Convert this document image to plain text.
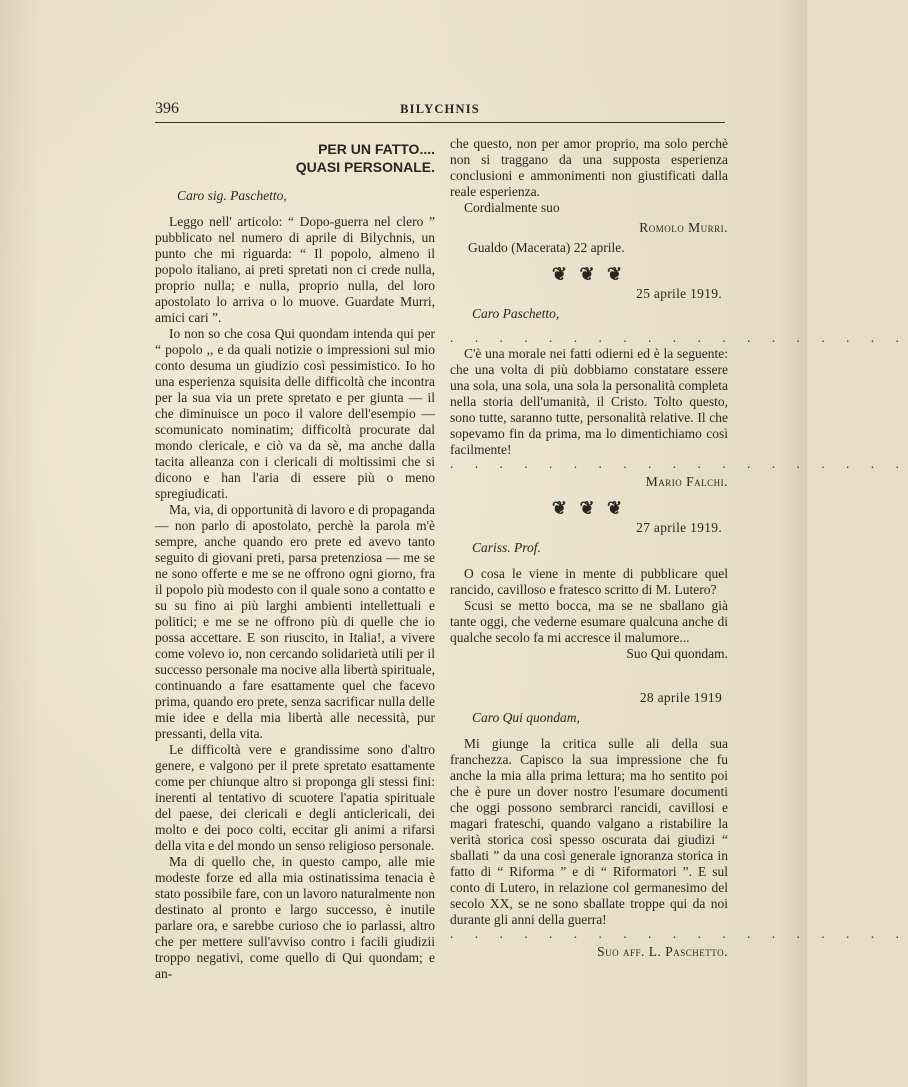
396	BILYCHNIS
PER UN FATTO....
QUASI PERSONALE.

Caro sig. Paschetto,

Leggo nell' articolo: “ Dopo-guerra nel clero ” pubblicato nel numero di aprile di Bilychnis, un punto che mi riguarda: “ Il popolo, almeno il popolo italiano, ai preti spretati non ci crede nulla, proprio nulla; e nulla, proprio nulla, del loro apostolato lo arriva o lo muove. Guardate Murri, amici cari ”.

Io non so che cosa Qui quondam intenda qui per “ popolo ,, e da quali notizie o impressioni sul mio conto desuma un giudizio così pessimistico. Io ho una esperienza squisita delle difficoltà che incontra per la sua via un prete spretato e per giunta — il che diminuisce un poco il valore dell'esempio — scomunicato nominatim; difficoltà procurate dal mondo clericale, e ciò va da sè, ma anche dalla tacita alleanza con i clericali di moltissimi che si dicono e han l'aria di essere più o meno spregiudicati.

Ma, via, di opportunità di lavoro e di propaganda — non parlo di apostolato, perchè la parola m'è sempre, anche quando ero prete ed avevo tanto seguito di giovani preti, parsa pretenziosa — me se ne sono offerte e me se ne offrono ogni giorno, fra il popolo più modesto con il quale sono a contatto e su su fino ai più larghi ambienti intellettuali e politici; e me se ne offrono più di quelle che io possa accettare. E son riuscito, in Italia!, a vivere come volevo io, non cercando solidarietà utili per il successo personale ma nocive alla libertà spirituale, continuando a fare esattamente quel che facevo prima, quando ero prete, senza sacrificar nulla delle mie idee e della mia libertà alle necessità, pur pressanti, della vita.

Le difficoltà vere e grandissime sono d'altro genere, e valgono per il prete spretato esattamente come per chiunque altro si proponga gli stessi fini: inerenti al tentativo di scuotere l'apatia spirituale del paese, dei clericali e degli anticlericali, dei molto e dei poco colti, eccitar gli animi a rifarsi della vita e del mondo un senso religioso personale.

Ma di quello che, in questo campo, alle mie modeste forze ed alla mia ostinatissima tenacia è stato possibile fare, con un lavoro naturalmente non destinato al pronto e largo successo, è inutile parlare ora, e sarebbe curioso che io parlassi, altro che per mettere sull'avviso contro i facili giudizii troppo negativi, come quello di Qui quondam; e an-

che questo, non per amor proprio, ma solo perchè non si traggano da una supposta esperienza conclusioni e ammonimenti non giustificati dalla reale esperienza.

Cordialmente suo

Romolo Murri.

Gualdo (Macerata) 22 aprile.

❦ ❦ ❦

25 aprile 1919.

Caro Paschetto,

. . . . . . . . . . . . . . . . . . .

C'è una morale nei fatti odierni ed è la seguente: che una volta di più dobbiamo constatare essere una sola, una sola, una sola la personalità completa nella storia dell'umanità, il Cristo. Tolto questo, sono tutte, saranno tutte, personalità relative. Il che sopevamo fin da prima, ma lo dimentichiamo così facilmente!

. . . . . . . . . . . . . . . . . . .

Mario Falchi.

❦ ❦ ❦

27 aprile 1919.

Cariss. Prof.

O cosa le viene in mente di pubblicare quel rancido, cavilloso e fratesco scritto di M. Lutero?

Scusi se metto bocca, ma se ne sballano già tante oggi, che vederne esumare qualcuna anche di qualche secolo fa mi accresce il malumore...

Suo Qui quondam.

28 aprile 1919

Caro Qui quondam,

Mi giunge la critica sulle ali della sua franchezza. Capisco la sua impressione che fu anche la mia alla prima lettura; ma ho sentito poi che è pure un dover nostro l'esumare documenti che oggi possono sembrarci rancidi, cavillosi e magari frateschi, quando valgano a ristabilire la verità storica così spesso oscurata dai giudizi “ sballati ” da una così generale ignoranza storica in fatto di “ Riforma ” e di “ Riformatori ”. E sul conto di Lutero, in relazione col germanesimo del secolo XX, se ne sono sballate troppe qui da noi durante gli anni della guerra!

. . . . . . . . . . . . . . . . . . .

Suo aff. L. Paschetto.
